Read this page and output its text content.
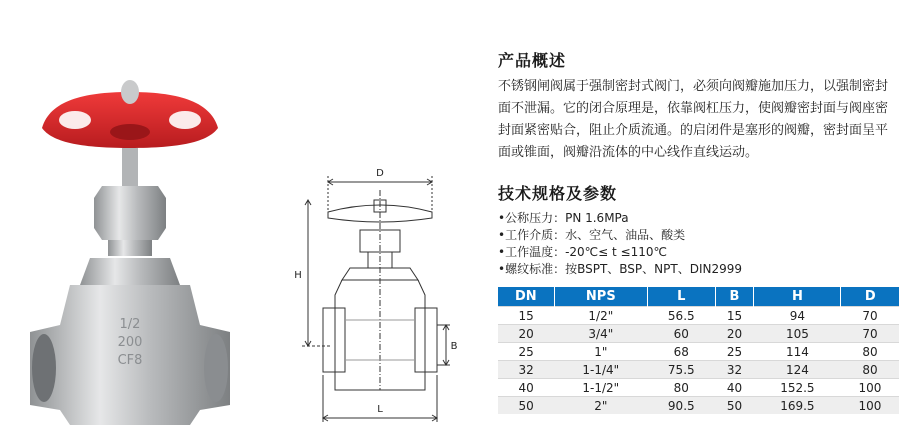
1/2
200
CF8
D
H
B
L
产品概述

不锈钢闸阀属于强制密封式阀门，必须向阀瓣施加压力，以强制密封面不泄漏。它的闭合原理是，依靠阀杠压力，使阀瓣密封面与阀座密封面紧密贴合，阻止介质流通。的启闭件是塞形的阀瓣，密封面呈平面或锥面，阀瓣沿流体的中心线作直线运动。

技术规格及参数
•公称压力：PN 1.6MPa
•工作介质：水、空气、油品、酸类
•工作温度：-20℃≤ t ≤110℃
•螺纹标准：按BSPT、BSP、NPT、DIN2999
DN	NPS	L	B	H	D
15	1/2"	56.5	15	94	70
20	3/4"	60	20	105	70
25	1"	68	25	114	80
32	1-1/4"	75.5	32	124	80
40	1-1/2"	80	40	152.5	100
50	2"	90.5	50	169.5	100
